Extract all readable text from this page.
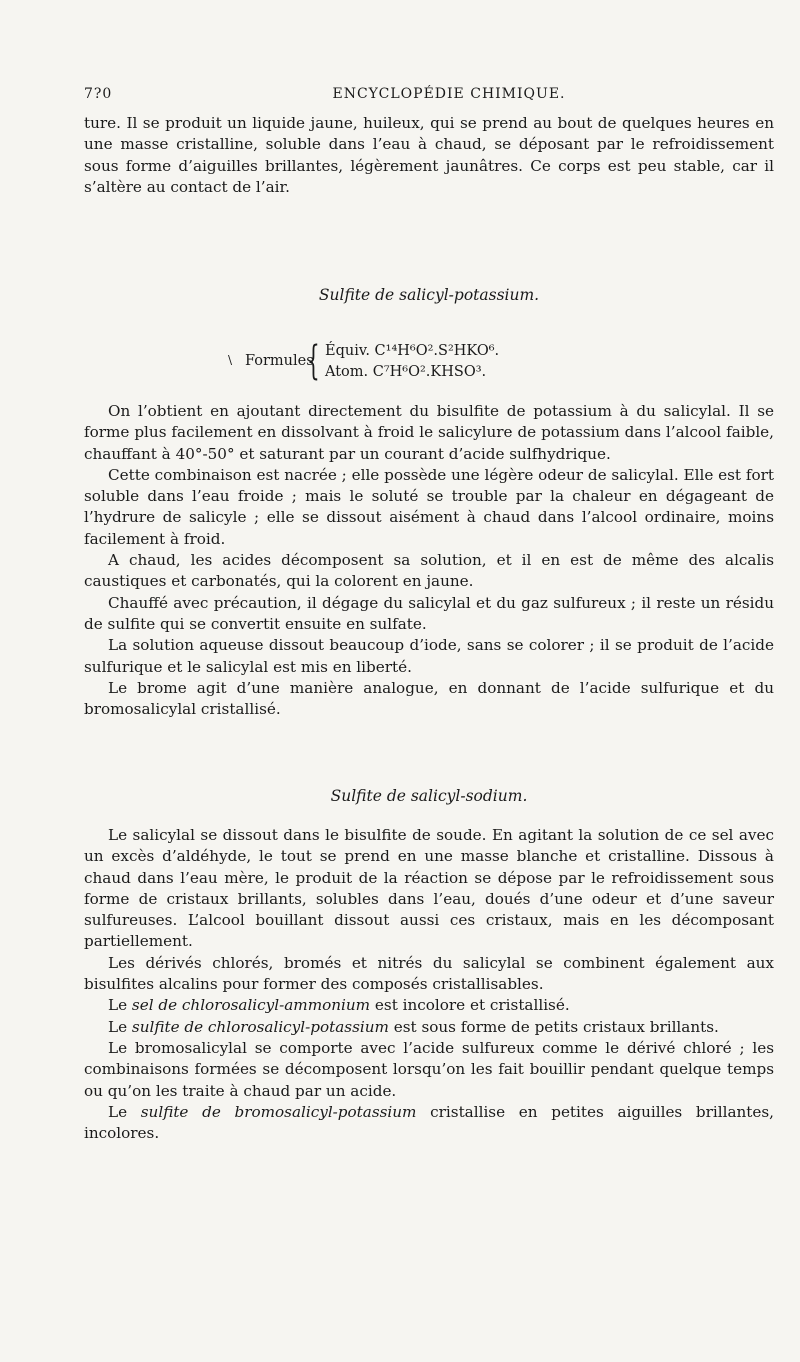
7?0	ENCYCLOPÉDIE CHIMIQUE.

ture. Il se produit un liquide jaune, huileux, qui se prend au bout de quelques heures en une masse cristalline, soluble dans l’eau à chaud, se déposant par le refroidissement sous forme d’aiguilles brillantes, légèrement jaunâtres. Ce corps est peu stable, car il s’altère au contact de l’air.

Sulfite de salicyl-potassium.
\ Formules
{ Équiv. C¹⁴H⁶O².S²HKO⁶.
Atom. C⁷H⁶O².KHSO³.

On l’obtient en ajoutant directement du bisulfite de potassium à du salicylal. Il se forme plus facilement en dissolvant à froid le salicylure de potassium dans l’alcool faible, chauffant à 40°-50° et saturant par un courant d’acide sulfhydrique.

Cette combinaison est nacrée ; elle possède une légère odeur de salicylal. Elle est fort soluble dans l’eau froide ; mais le soluté se trouble par la chaleur en dégageant de l’hydrure de salicyle ; elle se dissout aisément à chaud dans l’alcool ordinaire, moins facilement à froid.

A chaud, les acides décomposent sa solution, et il en est de même des alcalis caustiques et carbonatés, qui la colorent en jaune.

Chauffé avec précaution, il dégage du salicylal et du gaz sulfureux ; il reste un résidu de sulfite qui se convertit ensuite en sulfate.

La solution aqueuse dissout beaucoup d’iode, sans se colorer ; il se produit de l’acide sulfurique et le salicylal est mis en liberté.

Le brome agit d’une manière analogue, en donnant de l’acide sulfurique et du bromosalicylal cristallisé.

Sulfite de salicyl-sodium.

Le salicylal se dissout dans le bisulfite de soude. En agitant la solution de ce sel avec un excès d’aldéhyde, le tout se prend en une masse blanche et cristalline. Dissous à chaud dans l’eau mère, le produit de la réaction se dépose par le refroidissement sous forme de cristaux brillants, solubles dans l’eau, doués d’une odeur et d’une saveur sulfureuses. L’alcool bouillant dissout aussi ces cristaux, mais en les décomposant partiellement.

Les dérivés chlorés, bromés et nitrés du salicylal se combinent également aux bisulfites alcalins pour former des composés cristallisables.

Le sel de chlorosalicyl-ammonium est incolore et cristallisé.

Le sulfite de chlorosalicyl-potassium est sous forme de petits cristaux brillants.

Le bromosalicylal se comporte avec l’acide sulfureux comme le dérivé chloré ; les combinaisons formées se décomposent lorsqu’on les fait bouillir pendant quelque temps ou qu’on les traite à chaud par un acide.

Le sulfite de bromosalicyl-potassium cristallise en petites aiguilles brillantes, incolores.
